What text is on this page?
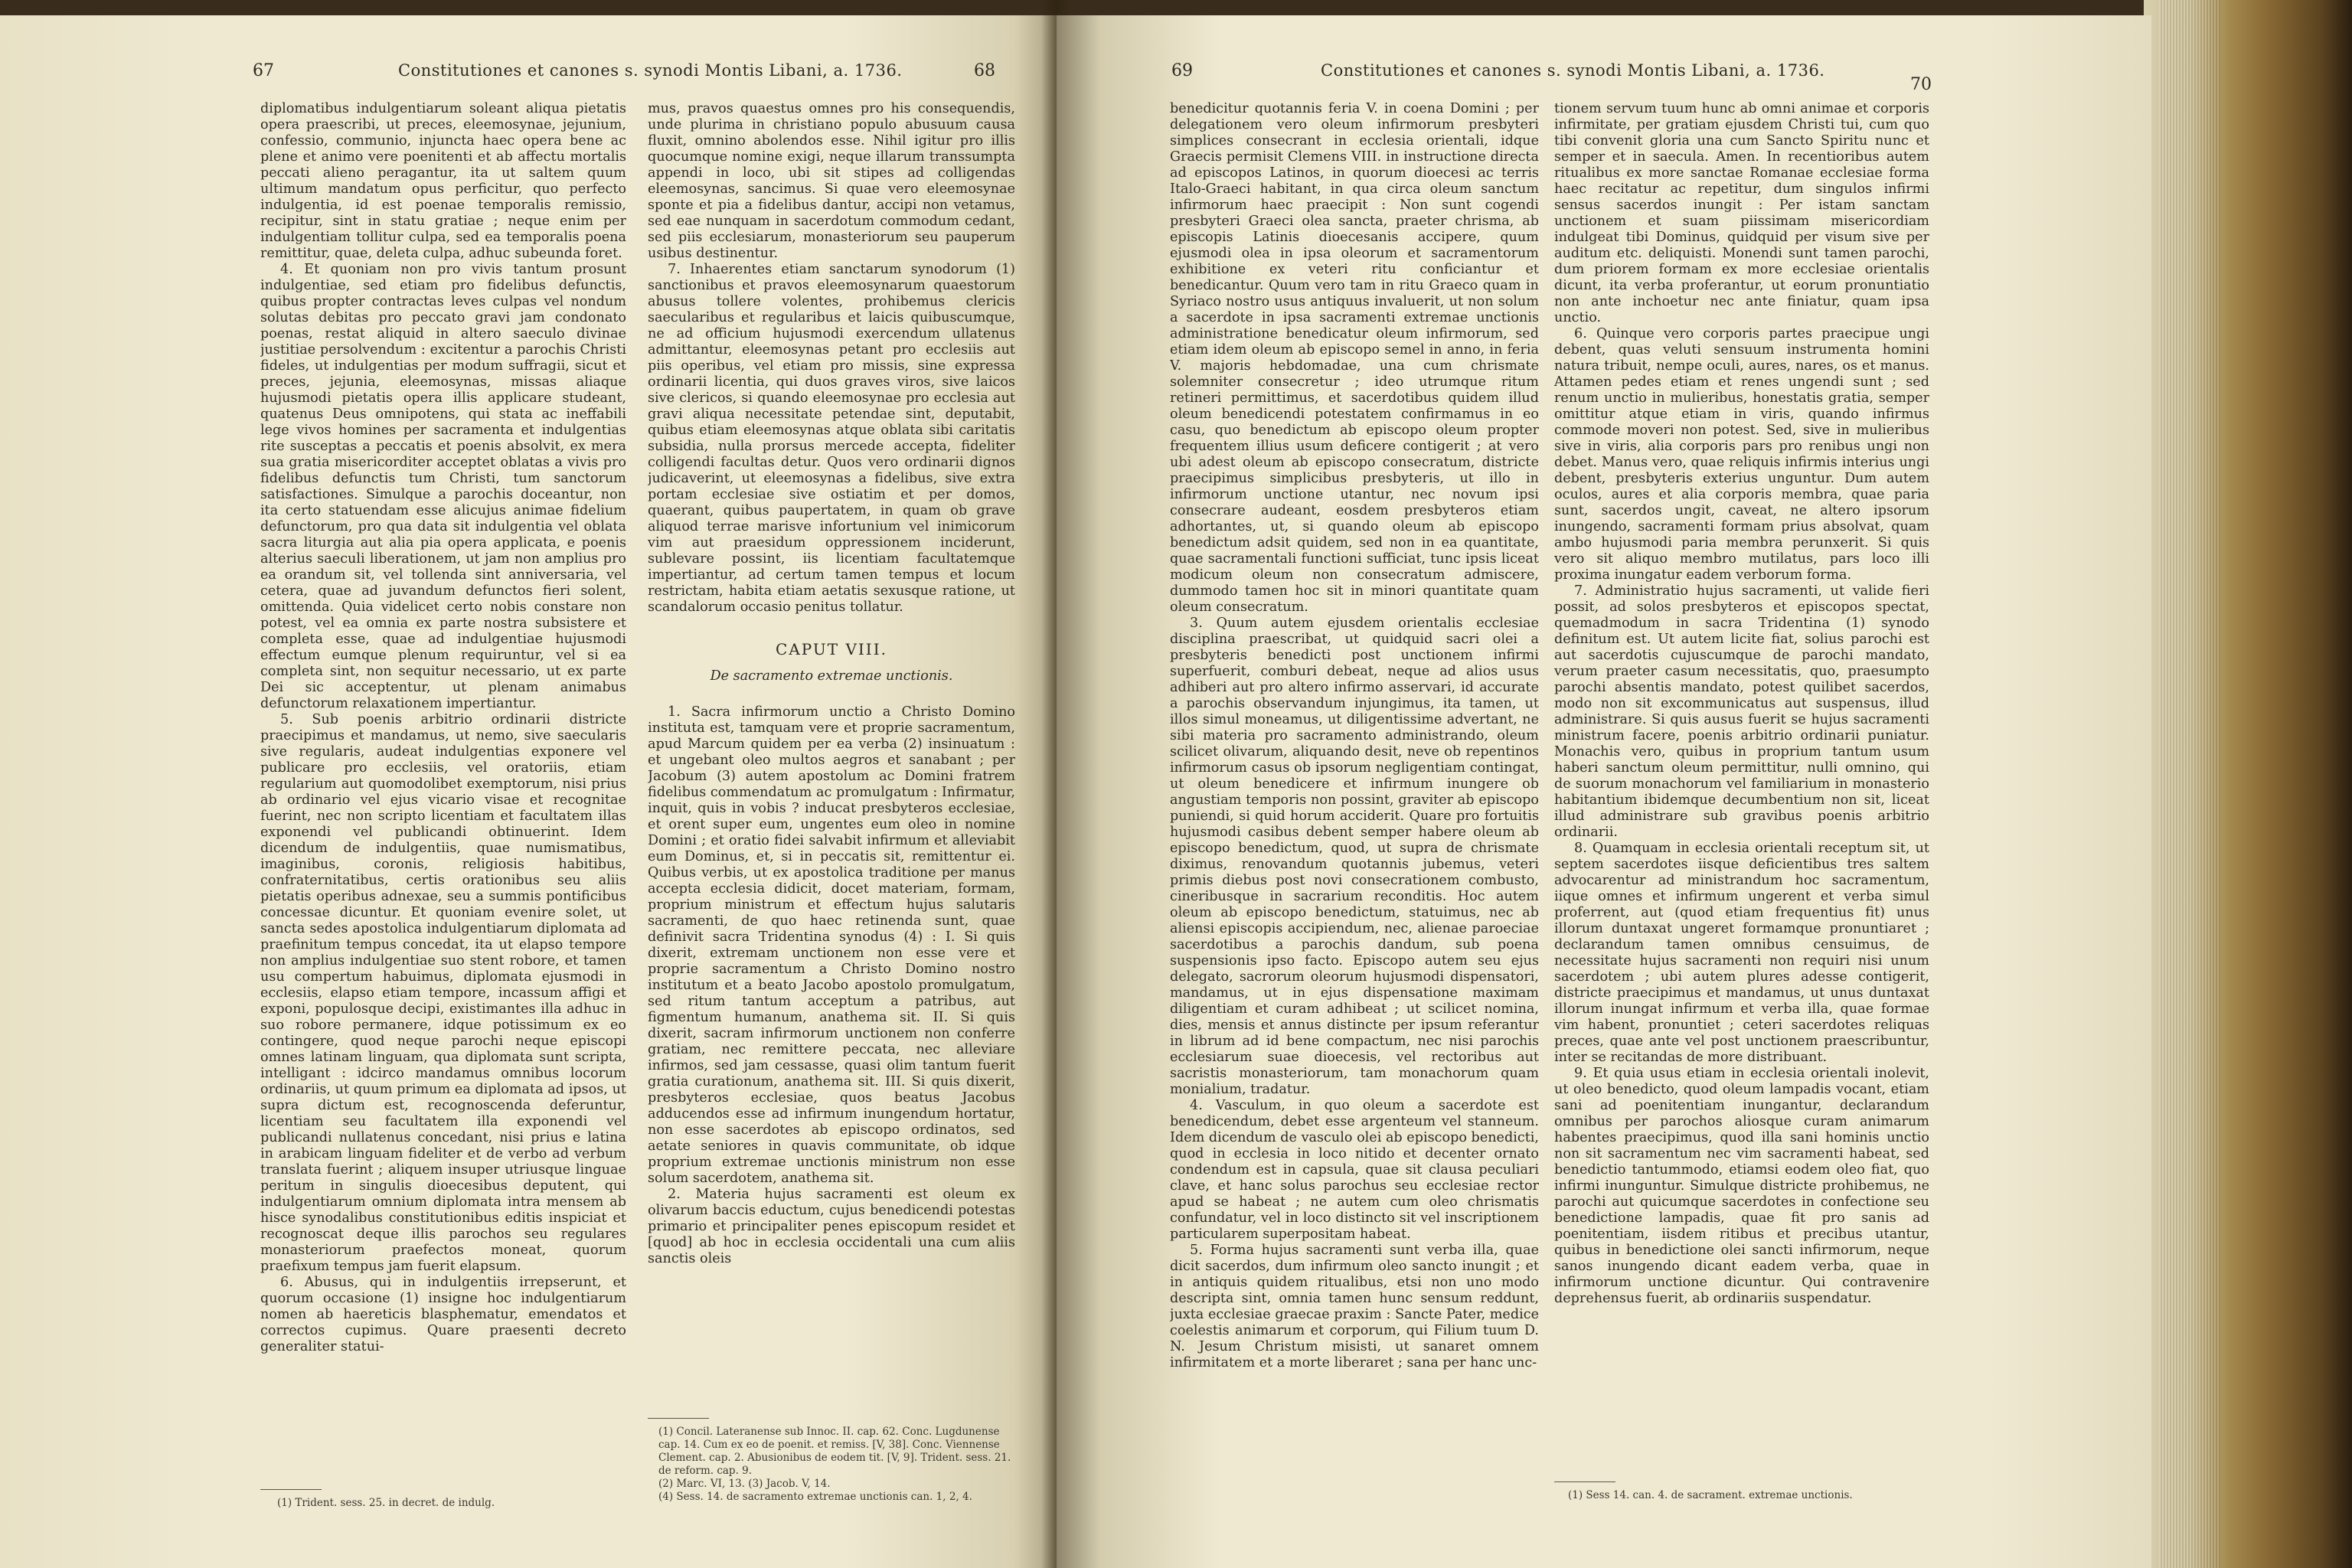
67	Constitutiones et canones s. synodi Montis Libani, a. 1736.	68

diplomatibus indulgentiarum soleant aliqua pietatis opera praescribi, ut preces, eleemosynae, jejunium, confessio, communio, injuncta haec opera bene ac plene et animo vere poenitenti et ab affectu mortalis peccati alieno peragantur, ita ut saltem quum ultimum mandatum opus perficitur, quo perfecto indulgentia, id est poenae temporalis remissio, recipitur, sint in statu gratiae ; neque enim per indulgentiam tollitur culpa, sed ea temporalis poena remittitur, quae, deleta culpa, adhuc subeunda foret.

4. Et quoniam non pro vivis tantum prosunt indulgentiae, sed etiam pro fidelibus defunctis, quibus propter contractas leves culpas vel nondum solutas debitas pro peccato gravi jam condonato poenas, restat aliquid in altero saeculo divinae justitiae persolvendum : excitentur a parochis Christi fideles, ut indulgentias per modum suffragii, sicut et preces, jejunia, eleemosynas, missas aliaque hujusmodi pietatis opera illis applicare studeant, quatenus Deus omnipotens, qui stata ac ineffabili lege vivos homines per sacramenta et indulgentias rite susceptas a peccatis et poenis absolvit, ex mera sua gratia misericorditer acceptet oblatas a vivis pro fidelibus defunctis tum Christi, tum sanctorum satisfactiones. Simulque a parochis doceantur, non ita certo statuendam esse alicujus animae fidelium defunctorum, pro qua data sit indulgentia vel oblata sacra liturgia aut alia pia opera applicata, e poenis alterius saeculi liberationem, ut jam non amplius pro ea orandum sit, vel tollenda sint anniversaria, vel cetera, quae ad juvandum defunctos fieri solent, omittenda. Quia videlicet certo nobis constare non potest, vel ea omnia ex parte nostra subsistere et completa esse, quae ad indulgentiae hujusmodi effectum eumque plenum requiruntur, vel si ea completa sint, non sequitur necessario, ut ex parte Dei sic acceptentur, ut plenam animabus defunctorum relaxationem impertiantur.

5. Sub poenis arbitrio ordinarii districte praecipimus et mandamus, ut nemo, sive saecularis sive regularis, audeat indulgentias exponere vel publicare pro ecclesiis, vel oratoriis, etiam regularium aut quomodolibet exemptorum, nisi prius ab ordinario vel ejus vicario visae et recognitae fuerint, nec non scripto licentiam et facultatem illas exponendi vel publicandi obtinuerint. Idem dicendum de indulgentiis, quae numismatibus, imaginibus, coronis, religiosis habitibus, confraternitatibus, certis orationibus seu aliis pietatis operibus adnexae, seu a summis pontificibus concessae dicuntur. Et quoniam evenire solet, ut sancta sedes apostolica indulgentiarum diplomata ad praefinitum tempus concedat, ita ut elapso tempore non amplius indulgentiae suo stent robore, et tamen usu compertum habuimus, diplomata ejusmodi in ecclesiis, elapso etiam tempore, incassum affigi et exponi, populosque decipi, existimantes illa adhuc in suo robore permanere, idque potissimum ex eo contingere, quod neque parochi neque episcopi omnes latinam linguam, qua diplomata sunt scripta, intelligant : idcirco mandamus omnibus locorum ordinariis, ut quum primum ea diplomata ad ipsos, ut supra dictum est, recognoscenda deferuntur, licentiam seu facultatem illa exponendi vel publicandi nullatenus concedant, nisi prius e latina in arabicam linguam fideliter et de verbo ad verbum translata fuerint ; aliquem insuper utriusque linguae peritum in singulis dioecesibus deputent, qui indulgentiarum omnium diplomata intra mensem ab hisce synodalibus constitutionibus editis inspiciat et recognoscat deque illis parochos seu regulares monasteriorum praefectos moneat, quorum praefixum tempus jam fuerit elapsum.

6. Abusus, qui in indulgentiis irrepserunt, et quorum occasione (1) insigne hoc indulgentiarum nomen ab haereticis blasphematur, emendatos et correctos cupimus. Quare praesenti decreto generaliter statui-

(1) Trident. sess. 25. in decret. de indulg.

mus, pravos quaestus omnes pro his consequendis, unde plurima in christiano populo abusuum causa fluxit, omnino abolendos esse. Nihil igitur pro illis quocumque nomine exigi, neque illarum transsumpta appendi in loco, ubi sit stipes ad colligendas eleemosynas, sancimus. Si quae vero eleemosynae sponte et pia a fidelibus dantur, accipi non vetamus, sed eae nunquam in sacerdotum commodum cedant, sed piis ecclesiarum, monasteriorum seu pauperum usibus destinentur.

7. Inhaerentes etiam sanctarum synodorum (1) sanctionibus et pravos eleemosynarum quaestorum abusus tollere volentes, prohibemus clericis saecularibus et regularibus et laicis quibuscumque, ne ad officium hujusmodi exercendum ullatenus admittantur, eleemosynas petant pro ecclesiis aut piis operibus, vel etiam pro missis, sine expressa ordinarii licentia, qui duos graves viros, sive laicos sive clericos, si quando eleemosynae pro ecclesia aut gravi aliqua necessitate petendae sint, deputabit, quibus etiam eleemosynas atque oblata sibi caritatis subsidia, nulla prorsus mercede accepta, fideliter colligendi facultas detur. Quos vero ordinarii dignos judicaverint, ut eleemosynas a fidelibus, sive extra portam ecclesiae sive ostiatim et per domos, quaerant, quibus paupertatem, in quam ob grave aliquod terrae marisve infortunium vel inimicorum vim aut praesidum oppressionem inciderunt, sublevare possint, iis licentiam facultatemque impertiantur, ad certum tamen tempus et locum restrictam, habita etiam aetatis sexusque ratione, ut scandalorum occasio penitus tollatur.

CAPUT VIII.

De sacramento extremae unctionis.

1. Sacra infirmorum unctio a Christo Domino instituta est, tamquam vere et proprie sacramentum, apud Marcum quidem per ea verba (2) insinuatum : et ungebant oleo multos aegros et sanabant ; per Jacobum (3) autem apostolum ac Domini fratrem fidelibus commendatum ac promulgatum : Infirmatur, inquit, quis in vobis ? inducat presbyteros ecclesiae, et orent super eum, ungentes eum oleo in nomine Domini ; et oratio fidei salvabit infirmum et alleviabit eum Dominus, et, si in peccatis sit, remittentur ei. Quibus verbis, ut ex apostolica traditione per manus accepta ecclesia didicit, docet materiam, formam, proprium ministrum et effectum hujus salutaris sacramenti, de quo haec retinenda sunt, quae definivit sacra Tridentina synodus (4) : I. Si quis dixerit, extremam unctionem non esse vere et proprie sacramentum a Christo Domino nostro institutum et a beato Jacobo apostolo promulgatum, sed ritum tantum acceptum a patribus, aut figmentum humanum, anathema sit. II. Si quis dixerit, sacram infirmorum unctionem non conferre gratiam, nec remittere peccata, nec alleviare infirmos, sed jam cessasse, quasi olim tantum fuerit gratia curationum, anathema sit. III. Si quis dixerit, presbyteros ecclesiae, quos beatus Jacobus adducendos esse ad infirmum inungendum hortatur, non esse sacerdotes ab episcopo ordinatos, sed aetate seniores in quavis communitate, ob idque proprium extremae unctionis ministrum non esse solum sacerdotem, anathema sit.

2. Materia hujus sacramenti est oleum ex olivarum baccis eductum, cujus benedicendi potestas primario et principaliter penes episcopum residet et [quod] ab hoc in ecclesia occidentali una cum aliis sanctis oleis

(1) Concil. Lateranense sub Innoc. II. cap. 62. Conc. Lugdunense cap. 14. Cum ex eo de poenit. et remiss. [V, 38]. Conc. Viennense Clement. cap. 2. Abusionibus de eodem tit. [V, 9]. Trident. sess. 21. de reform. cap. 9.
(2) Marc. VI, 13. (3) Jacob. V, 14.
(4) Sess. 14. de sacramento extremae unctionis can. 1, 2, 4.
69	Constitutiones et canones s. synodi Montis Libani, a. 1736.
70

benedicitur quotannis feria V. in coena Domini ; per delegationem vero oleum infirmorum presbyteri simplices consecrant in ecclesia orientali, idque Graecis permisit Clemens VIII. in instructione directa ad episcopos Latinos, in quorum dioecesi ac terris Italo-Graeci habitant, in qua circa oleum sanctum infirmorum haec praecipit : Non sunt cogendi presbyteri Graeci olea sancta, praeter chrisma, ab episcopis Latinis dioecesanis accipere, quum ejusmodi olea in ipsa oleorum et sacramentorum exhibitione ex veteri ritu conficiantur et benedicantur. Quum vero tam in ritu Graeco quam in Syriaco nostro usus antiquus invaluerit, ut non solum a sacerdote in ipsa sacramenti extremae unctionis administratione benedicatur oleum infirmorum, sed etiam idem oleum ab episcopo semel in anno, in feria V. majoris hebdomadae, una cum chrismate solemniter consecretur ; ideo utrumque ritum retineri permittimus, et sacerdotibus quidem illud oleum benedicendi potestatem confirmamus in eo casu, quo benedictum ab episcopo oleum propter frequentem illius usum deficere contigerit ; at vero ubi adest oleum ab episcopo consecratum, districte praecipimus simplicibus presbyteris, ut illo in infirmorum unctione utantur, nec novum ipsi consecrare audeant, eosdem presbyteros etiam adhortantes, ut, si quando oleum ab episcopo benedictum adsit quidem, sed non in ea quantitate, quae sacramentali functioni sufficiat, tunc ipsis liceat modicum oleum non consecratum admiscere, dummodo tamen hoc sit in minori quantitate quam oleum consecratum.

3. Quum autem ejusdem orientalis ecclesiae disciplina praescribat, ut quidquid sacri olei a presbyteris benedicti post unctionem infirmi superfuerit, comburi debeat, neque ad alios usus adhiberi aut pro altero infirmo asservari, id accurate a parochis observandum injungimus, ita tamen, ut illos simul moneamus, ut diligentissime advertant, ne sibi materia pro sacramento administrando, oleum scilicet olivarum, aliquando desit, neve ob repentinos infirmorum casus ob ipsorum negligentiam contingat, ut oleum benedicere et infirmum inungere ob angustiam temporis non possint, graviter ab episcopo puniendi, si quid horum acciderit. Quare pro fortuitis hujusmodi casibus debent semper habere oleum ab episcopo benedictum, quod, ut supra de chrismate diximus, renovandum quotannis jubemus, veteri primis diebus post novi consecrationem combusto, cineribusque in sacrarium reconditis. Hoc autem oleum ab episcopo benedictum, statuimus, nec ab aliensi episcopis accipiendum, nec, alienae paroeciae sacerdotibus a parochis dandum, sub poena suspensionis ipso facto. Episcopo autem seu ejus delegato, sacrorum oleorum hujusmodi dispensatori, mandamus, ut in ejus dispensatione maximam diligentiam et curam adhibeat ; ut scilicet nomina, dies, mensis et annus distincte per ipsum referantur in librum ad id bene compactum, nec nisi parochis ecclesiarum suae dioecesis, vel rectoribus aut sacristis monasteriorum, tam monachorum quam monialium, tradatur.

4. Vasculum, in quo oleum a sacerdote est benedicendum, debet esse argenteum vel stanneum. Idem dicendum de vasculo olei ab episcopo benedicti, quod in ecclesia in loco nitido et decenter ornato condendum est in capsula, quae sit clausa peculiari clave, et hanc solus parochus seu ecclesiae rector apud se habeat ; ne autem cum oleo chrismatis confundatur, vel in loco distincto sit vel inscriptionem particularem superpositam habeat.

5. Forma hujus sacramenti sunt verba illa, quae dicit sacerdos, dum infirmum oleo sancto inungit ; et in antiquis quidem ritualibus, etsi non uno modo descripta sint, omnia tamen hunc sensum reddunt, juxta ecclesiae graecae praxim : Sancte Pater, medice coelestis animarum et corporum, qui Filium tuum D. N. Jesum Christum misisti, ut sanaret omnem infirmitatem et a morte liberaret ; sana per hanc unc-

tionem servum tuum hunc ab omni animae et corporis infirmitate, per gratiam ejusdem Christi tui, cum quo tibi convenit gloria una cum Sancto Spiritu nunc et semper et in saecula. Amen. In recentioribus autem ritualibus ex more sanctae Romanae ecclesiae forma haec recitatur ac repetitur, dum singulos infirmi sensus sacerdos inungit : Per istam sanctam unctionem et suam piissimam misericordiam indulgeat tibi Dominus, quidquid per visum sive per auditum etc. deliquisti. Monendi sunt tamen parochi, dum priorem formam ex more ecclesiae orientalis dicunt, ita verba proferantur, ut eorum pronuntiatio non ante inchoetur nec ante finiatur, quam ipsa unctio.

6. Quinque vero corporis partes praecipue ungi debent, quas veluti sensuum instrumenta homini natura tribuit, nempe oculi, aures, nares, os et manus. Attamen pedes etiam et renes ungendi sunt ; sed renum unctio in mulieribus, honestatis gratia, semper omittitur atque etiam in viris, quando infirmus commode moveri non potest. Sed, sive in mulieribus sive in viris, alia corporis pars pro renibus ungi non debet. Manus vero, quae reliquis infirmis interius ungi debent, presbyteris exterius unguntur. Dum autem oculos, aures et alia corporis membra, quae paria sunt, sacerdos ungit, caveat, ne altero ipsorum inungendo, sacramenti formam prius absolvat, quam ambo hujusmodi paria membra perunxerit. Si quis vero sit aliquo membro mutilatus, pars loco illi proxima inungatur eadem verborum forma.

7. Administratio hujus sacramenti, ut valide fieri possit, ad solos presbyteros et episcopos spectat, quemadmodum in sacra Tridentina (1) synodo definitum est. Ut autem licite fiat, solius parochi est aut sacerdotis cujuscumque de parochi mandato, verum praeter casum necessitatis, quo, praesumpto parochi absentis mandato, potest quilibet sacerdos, modo non sit excommunicatus aut suspensus, illud administrare. Si quis ausus fuerit se hujus sacramenti ministrum facere, poenis arbitrio ordinarii puniatur. Monachis vero, quibus in proprium tantum usum haberi sanctum oleum permittitur, nulli omnino, qui de suorum monachorum vel familiarium in monasterio habitantium ibidemque decumbentium non sit, liceat illud administrare sub gravibus poenis arbitrio ordinarii.

8. Quamquam in ecclesia orientali receptum sit, ut septem sacerdotes iisque deficientibus tres saltem advocarentur ad ministrandum hoc sacramentum, iique omnes et infirmum ungerent et verba simul proferrent, aut (quod etiam frequentius fit) unus illorum duntaxat ungeret formamque pronuntiaret ; declarandum tamen omnibus censuimus, de necessitate hujus sacramenti non requiri nisi unum sacerdotem ; ubi autem plures adesse contigerit, districte praecipimus et mandamus, ut unus duntaxat illorum inungat infirmum et verba illa, quae formae vim habent, pronuntiet ; ceteri sacerdotes reliquas preces, quae ante vel post unctionem praescribuntur, inter se recitandas de more distribuant.

9. Et quia usus etiam in ecclesia orientali inolevit, ut oleo benedicto, quod oleum lampadis vocant, etiam sani ad poenitentiam inungantur, declarandum omnibus per parochos aliosque curam animarum habentes praecipimus, quod illa sani hominis unctio non sit sacramentum nec vim sacramenti habeat, sed benedictio tantummodo, etiamsi eodem oleo fiat, quo infirmi inunguntur. Simulque districte prohibemus, ne parochi aut quicumque sacerdotes in confectione seu benedictione lampadis, quae fit pro sanis ad poenitentiam, iisdem ritibus et precibus utantur, quibus in benedictione olei sancti infirmorum, neque sanos inungendo dicant eadem verba, quae in infirmorum unctione dicuntur. Qui contravenire deprehensus fuerit, ab ordinariis suspendatur.

(1) Sess 14. can. 4. de sacrament. extremae unctionis.
